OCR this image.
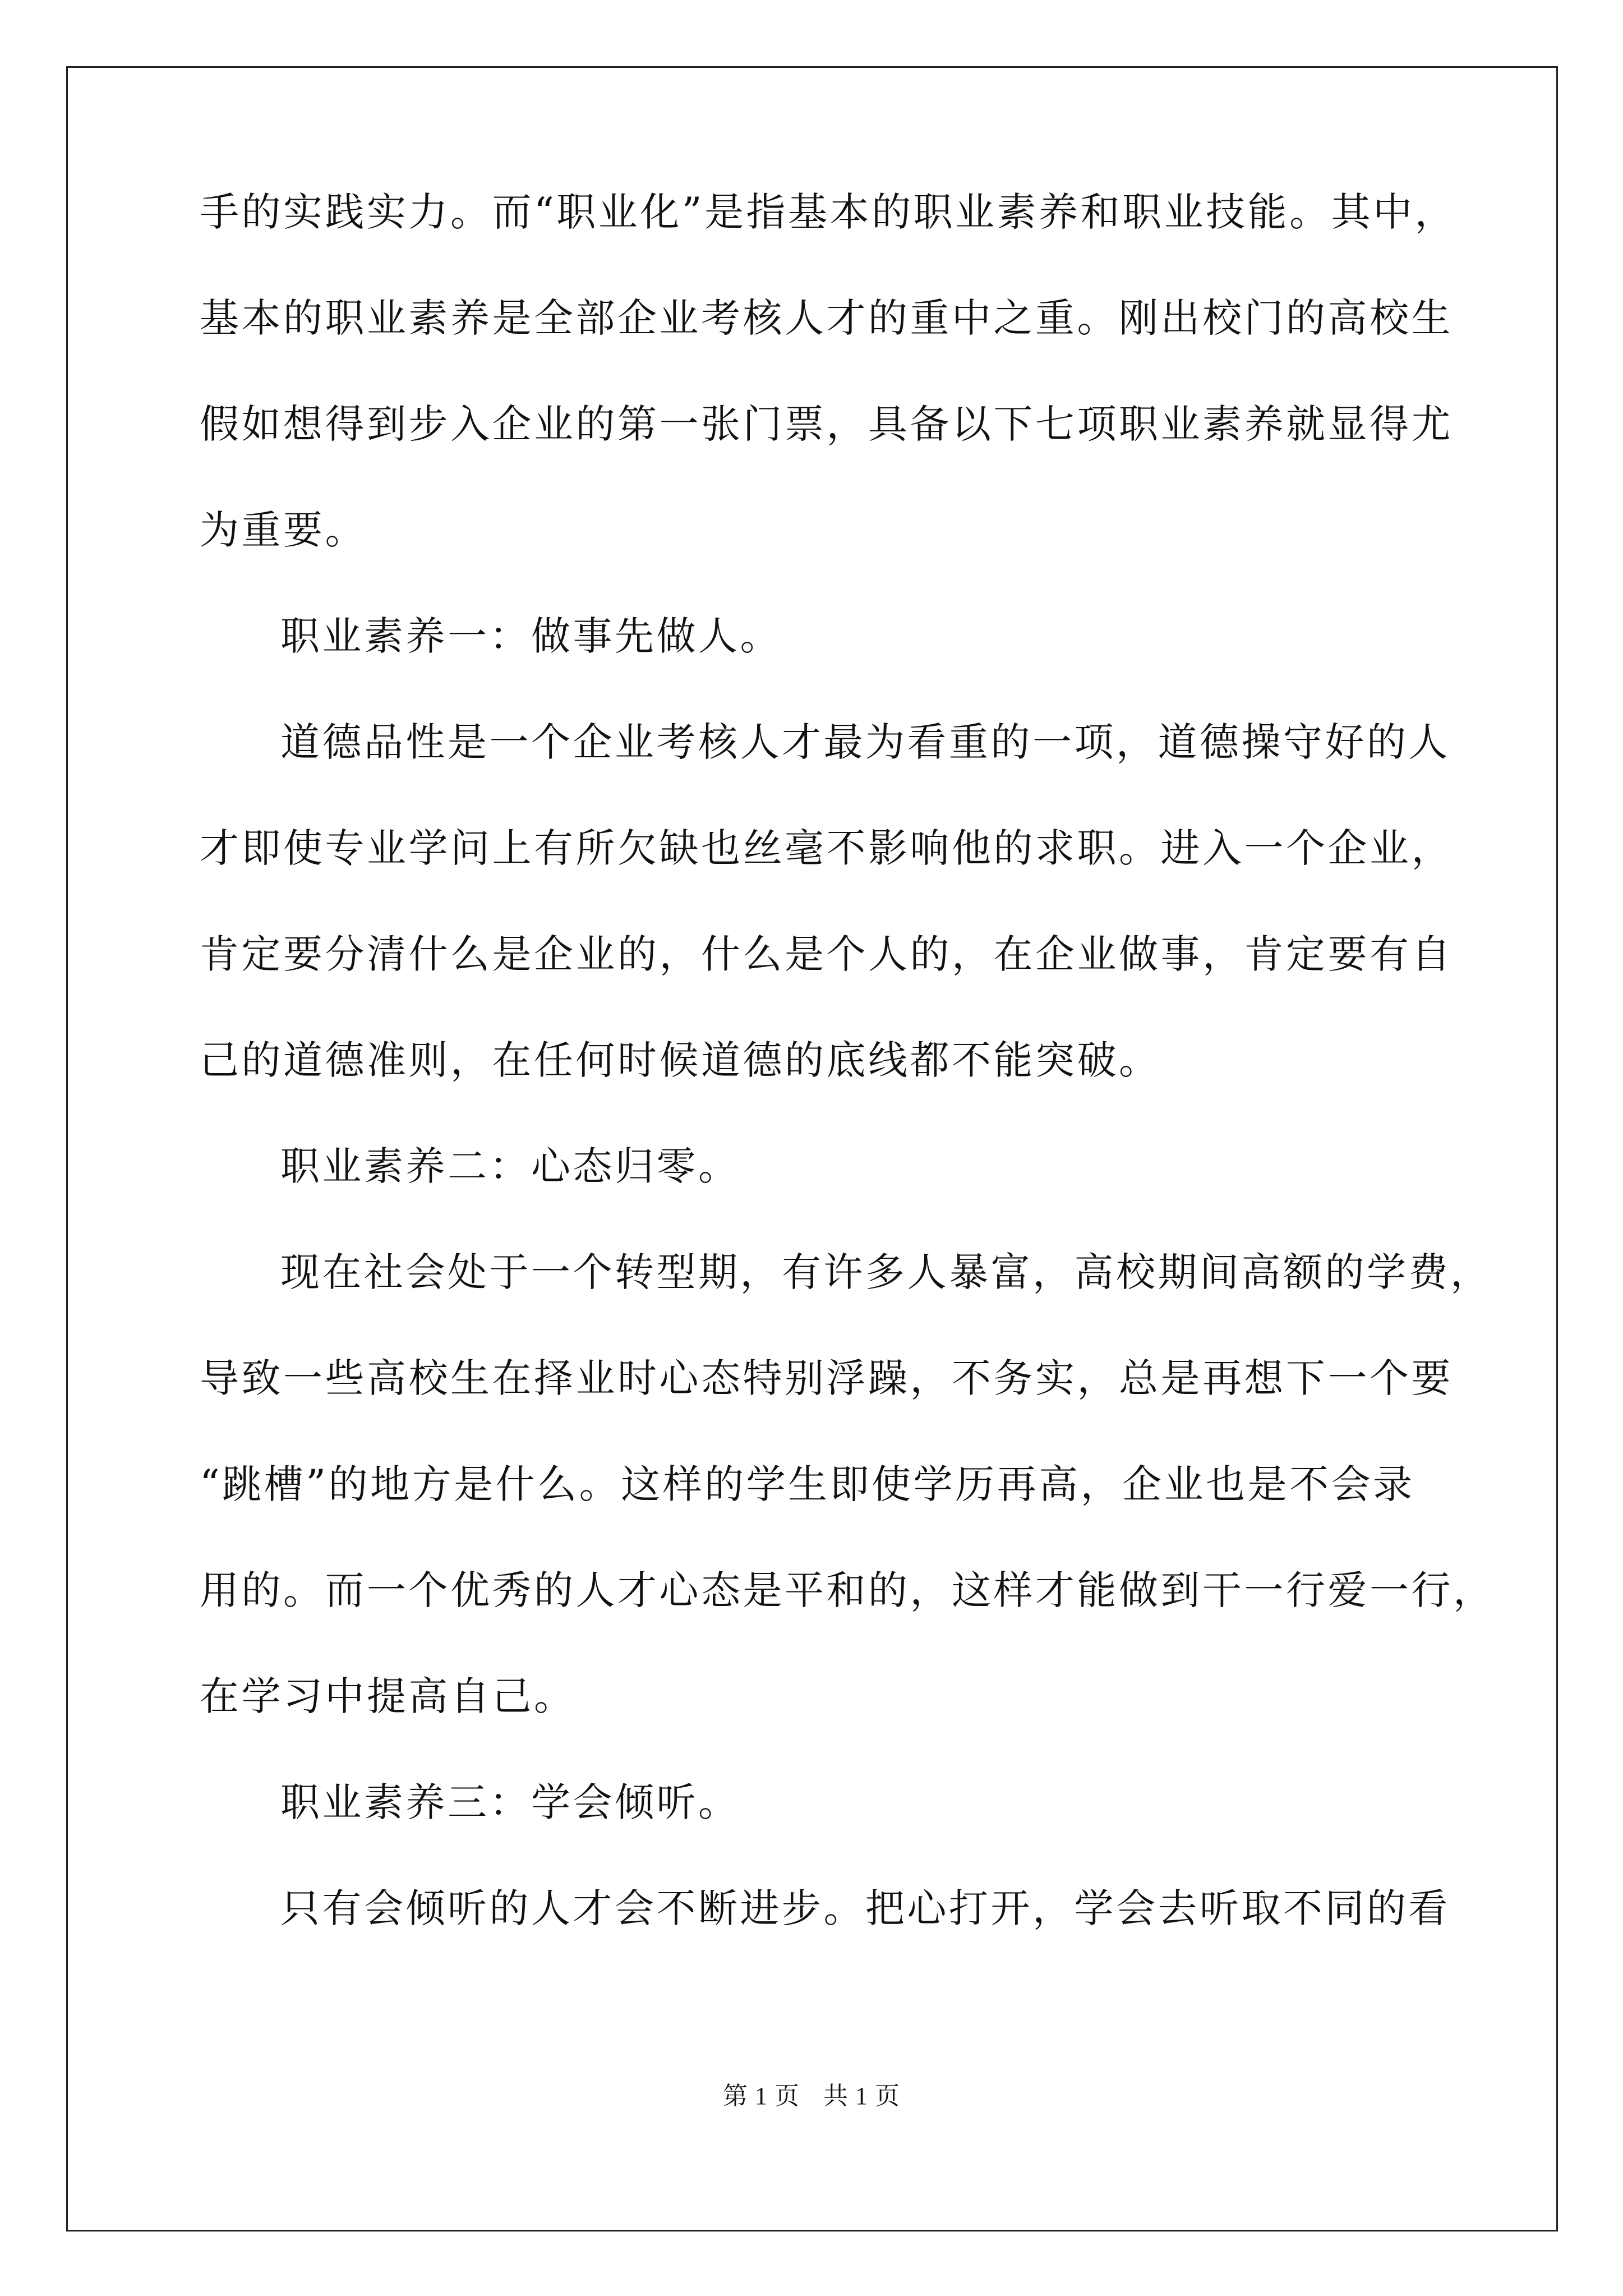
手的实践实力。而“职业化”是指基本的职业素养和职业技能。其中，
基本的职业素养是全部企业考核人才的重中之重。刚出校门的高校生
假如想得到步入企业的第一张门票，具备以下七项职业素养就显得尤
为重要。
职业素养一：做事先做人。
道德品性是一个企业考核人才最为看重的一项，道德操守好的人
才即使专业学问上有所欠缺也丝毫不影响他的求职。进入一个企业，
肯定要分清什么是企业的，什么是个人的，在企业做事，肯定要有自
己的道德准则，在任何时候道德的底线都不能突破。
职业素养二：心态归零。
现在社会处于一个转型期，有许多人暴富，高校期间高额的学费，
导致一些高校生在择业时心态特别浮躁，不务实，总是再想下一个要
“跳槽”的地方是什么。这样的学生即使学历再高，企业也是不会录
用的。而一个优秀的人才心态是平和的，这样才能做到干一行爱一行，
在学习中提高自己。
职业素养三：学会倾听。
只有会倾听的人才会不断进步。把心打开，学会去听取不同的看
第 1 页 共 1 页
